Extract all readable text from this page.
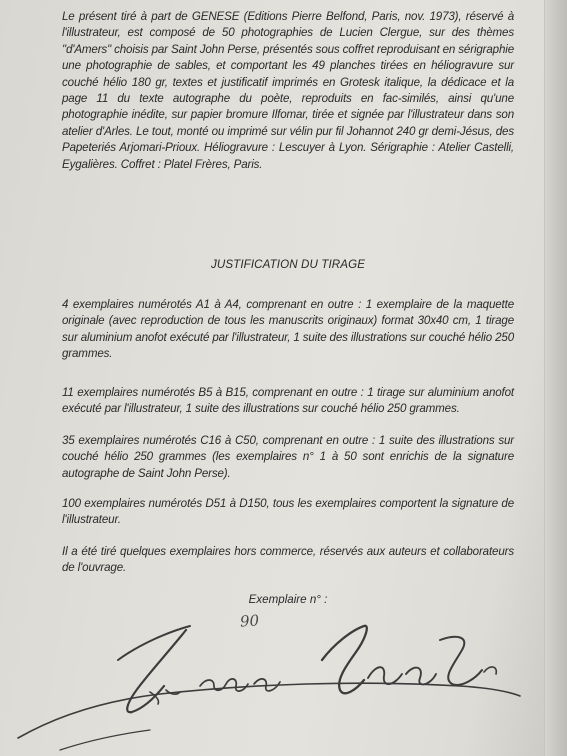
Le présent tiré à part de GENESE (Editions Pierre Belfond, Paris, nov. 1973), réservé à l'illustrateur, est composé de 50 photographies de Lucien Clergue, sur des thèmes "d'Amers" choisis par Saint John Perse, présentés sous coffret reproduisant en sérigraphie une photographie de sables, et comportant les 49 planches tirées en héliogravure sur couché hélio 180 gr, textes et justificatif imprimés en Grotesk italique, la dédicace et la page 11 du texte autographe du poète, reproduits en fac-similés, ainsi qu'une photographie inédite, sur papier bromure Ilfomar, tirée et signée par l'illustrateur dans son atelier d'Arles. Le tout, monté ou imprimé sur vélin pur fil Johannot 240 gr demi-Jésus, des Papeteriés Arjomari-Prioux. Héliogravure : Lescuyer à Lyon. Sérigraphie : Atelier Castelli, Eygalières. Coffret : Platel Frères, Paris.

JUSTIFICATION DU TIRAGE

4 exemplaires numérotés A1 à A4, comprenant en outre : 1 exemplaire de la maquette originale (avec reproduction de tous les manuscrits originaux) format 30x40 cm, 1 tirage sur aluminium anofot exécuté par l'illustrateur, 1 suite des illustrations sur couché hélio 250 grammes.

11 exemplaires numérotés B5 à B15, comprenant en outre : 1 tirage sur aluminium anofot exécuté par l'illustrateur, 1 suite des illustrations sur couché hélio 250 grammes.

35 exemplaires numérotés C16 à C50, comprenant en outre : 1 suite des illustrations sur couché hélio 250 grammes (les exemplaires n° 1 à 50 sont enrichis de la signature autographe de Saint John Perse).

100 exemplaires numérotés D51 à D150, tous les exemplaires comportent la signature de l'illustrateur.

Il a été tiré quelques exemplaires hors commerce, réservés aux auteurs et collaborateurs de l'ouvrage.

Exemplaire n° :
90
